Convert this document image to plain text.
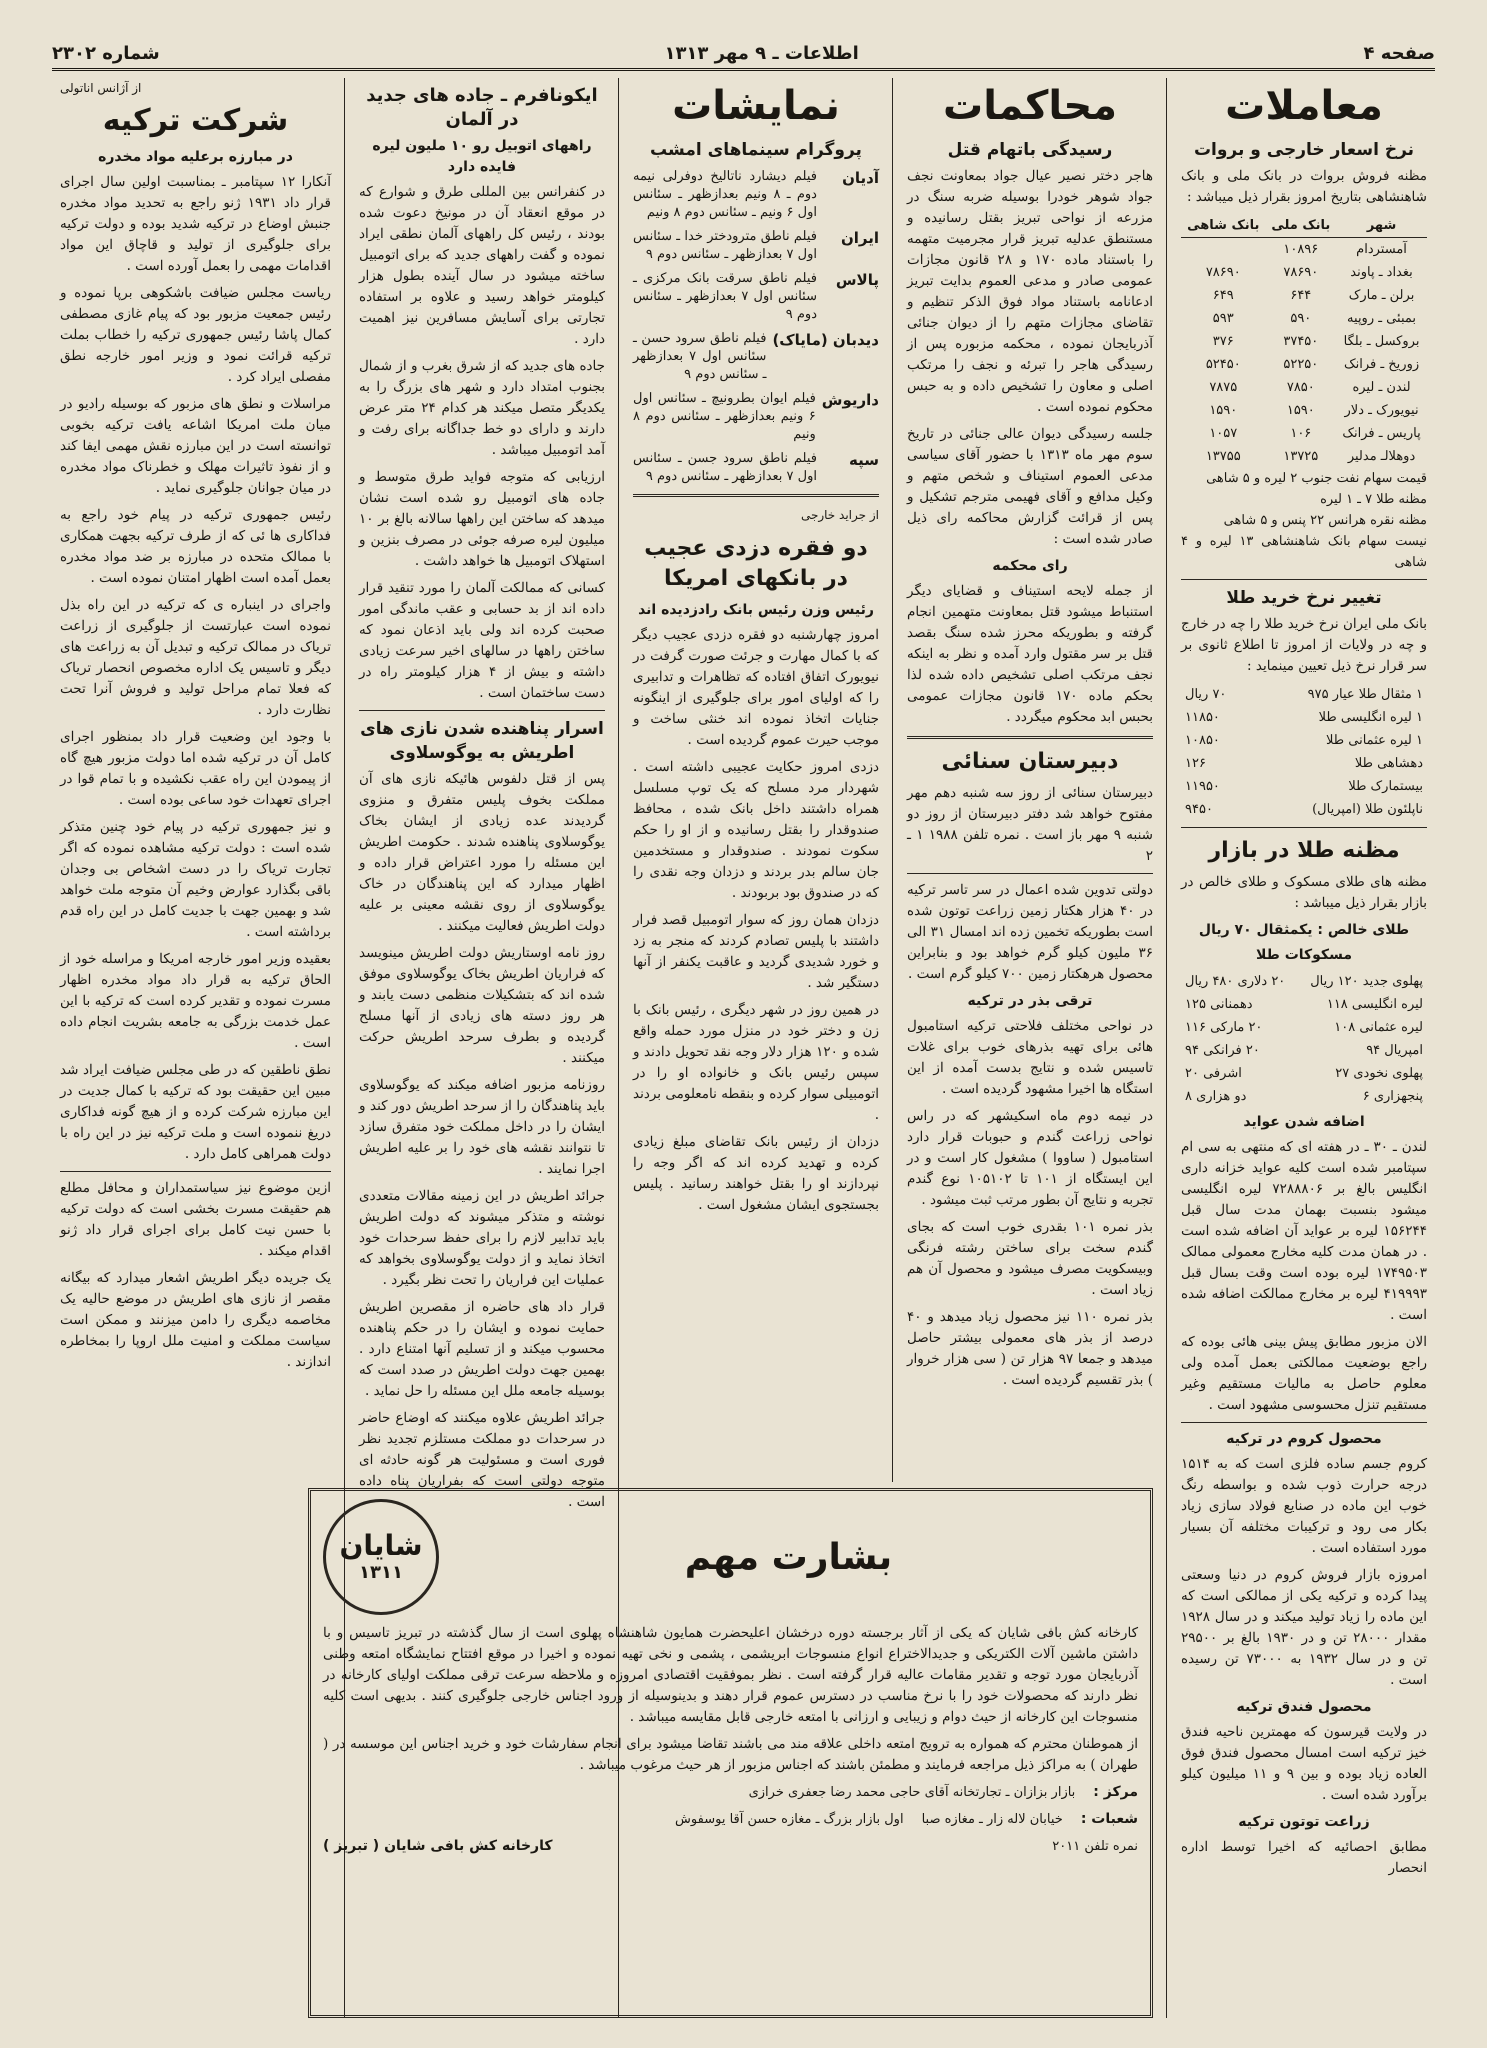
صفحه ۴
اطلاعات ـ ۹ مهر ۱۳۱۳
شماره ۲۳۰۲
معاملات
نرخ اسعار خارجی و بروات

مظنه فروش بروات در بانک ملی و بانک شاهنشاهی بتاریخ امروز بقرار ذیل میباشد :

شهر	بانک ملی	بانک شاهی
آمستردام	۱۰۸۹۶	
بغداد ـ پاوند	۷۸۶۹۰	۷۸۶۹۰
برلن ـ مارک	۶۴۴	۶۴۹
بمبئی ـ روپیه	۵۹۰	۵۹۳
بروکسل ـ بلگا	۳۷۴۵۰	۳۷۶
زوریخ ـ فرانک	۵۲۲۵۰	۵۲۴۵۰
لندن ـ لیره	۷۸۵۰	۷۸۷۵
نیویورک ـ دلار	۱۵۹۰	۱۵۹۰
پاریس ـ فرانک	۱۰۶	۱۰۵۷
دوهلالـ مدلیر	۱۳۷۲۵	۱۳۷۵۵
قیمت سهام نفت جنوب ۲ لیره و ۵ شاهی
مظنه طلا ۷ ـ ۱ لیره
مظنه نقره هرانس ۲۲ پنس و ۵ شاهی
نیست سهام بانک شاهنشاهی ۱۳ لیره و ۴ شاهی
تغییر نرخ خرید طلا

بانک ملی ایران نرخ خرید طلا را چه در خارج و چه در ولایات از امروز تا اطلاع ثانوی بر سر قرار نرخ ذیل تعیین مینماید :

۱ مثقال طلا عیار ۹۷۵	۷۰ ریال
۱ لیره انگلیسی طلا	۱۱۸۵۰
۱ لیره عثمانی طلا	۱۰۸۵۰
دهشاهی طلا	۱۲۶
بیستمارک طلا	۱۱۹۵۰
ناپلئون طلا (امپریال)	۹۴۵۰
مظنه طلا در بازار

مظنه های طلای مسکوک و طلای خالص در بازار بقرار ذیل میباشد :

طلای خالص : یکمثقال ۷۰ ریال
مسکوکات طلا
پهلوی جدید ۱۲۰ ریال	۲۰ دلاری ۴۸۰ ریال
لیره انگلیسی ۱۱۸	دهمنانی ۱۲۵
لیره عثمانی ۱۰۸	۲۰ مارکی ۱۱۶
امپریال ۹۴	۲۰ فرانکی ۹۴
پهلوی نخودی ۲۷	اشرفی ۲۰
پنجهزاری ۶	دو هزاری ۸
اضافه شدن عواید

لندن ـ ۳۰ ـ در هفته ای که منتهی به سی ام سپتامبر شده است کلیه عواید خزانه داری انگلیس بالغ بر ۷۲۸۸۸۰۶ لیره انگلیسی میشود بنسبت بهمان مدت سال قبل ۱۵۶۲۴۴ لیره بر عواید آن اضافه شده است . در همان مدت کلیه مخارج معمولی ممالک ۱۷۴۹۵۰۳ لیره بوده است وقت بسال قبل ۴۱۹۹۹۳ لیره بر مخارج ممالکت اضافه شده است .

الان مزبور مطابق پیش بینی هائی بوده که راجع بوضعیت ممالکتی بعمل آمده ولی معلوم حاصل به مالیات مستقیم وغیر مستقیم تنزل محسوسی مشهود است .

محصول کروم در ترکیه

کروم جسم ساده فلزی است که به ۱۵۱۴ درجه حرارت ذوب شده و بواسطه رنگ خوب این ماده در صنایع فولاد سازی زیاد بکار می رود و ترکیبات مختلفه آن بسیار مورد استفاده است .

امروزه بازار فروش کروم در دنیا وسعتی پیدا کرده و ترکیه یکی از ممالکی است که این ماده را زیاد تولید میکند و در سال ۱۹۲۸ مقدار ۲۸۰۰۰ تن و در ۱۹۳۰ بالغ بر ۲۹۵۰۰ تن و در سال ۱۹۳۲ به ۷۳۰۰۰ تن رسیده است .

محصول فندق ترکیه

در ولایت قیرسون که مهمترین ناحیه فندق خیز ترکیه است امسال محصول فندق فوق العاده زیاد بوده و بین ۹ و ۱۱ میلیون کیلو برآورد شده است .

زراعت توتون ترکیه

مطابق احصائیه که اخیرا توسط اداره انحصار

محاکمات
رسیدگی باتهام قتل

هاجر دختر نصیر عیال جواد بمعاونت نجف جواد شوهر خودرا بوسیله ضربه سنگ در مزرعه از نواحی تبریز بقتل رسانیده و مستنطق عدلیه تبریز قرار مجرمیت متهمه را باستناد ماده ۱۷۰ و ۲۸ قانون مجازات عمومی صادر و مدعی العموم بدایت تبریز ادعانامه باستناد مواد فوق الذکر تنظیم و تقاضای مجازات متهم را از دیوان جنائی آذربایجان نموده ، محکمه مزبوره پس از رسیدگی هاجر را تبرئه و نجف را مرتکب اصلی و معاون را تشخیص داده و به حبس محکوم نموده است .

جلسه رسیدگی دیوان عالی جنائی در تاریخ سوم مهر ماه ۱۳۱۳ با حضور آقای سیاسی مدعی العموم استیناف و شخص متهم و وکیل مدافع و آقای فهیمی مترجم تشکیل و پس از قرائت گزارش محاکمه رای ذیل صادر شده است :

رای محکمه

از جمله لایحه استیناف و قضایای دیگر استنباط میشود قتل بمعاونت متهمین انجام گرفته و بطوریکه محرز شده سنگ بقصد قتل بر سر مقتول وارد آمده و نظر به اینکه نجف مرتکب اصلی تشخیص داده شده لذا بحکم ماده ۱۷۰ قانون مجازات عمومی بحبس ابد محکوم میگردد .

دبیرستان سنائی

دبیرستان سنائی از روز سه شنبه دهم مهر مفتوح خواهد شد دفتر دبیرستان از روز دو شنبه ۹ مهر باز است . نمره تلفن ۱۹۸۸ ۱ ـ ۲

دولتی تدوین شده اعمال در سر تاسر ترکیه در ۴۰ هزار هکتار زمین زراعت توتون شده است بطوریکه تخمین زده اند امسال ۳۱ الی ۳۶ ملیون کیلو گرم خواهد بود و بنابراین محصول هرهکتار زمین ۷۰۰ کیلو گرم است .

ترقی بذر در ترکیه

در نواحی مختلف فلاحتی ترکیه استامبول هائی برای تهیه بذرهای خوب برای غلات تاسیس شده و نتایج بدست آمده از این استگاه ها اخیرا مشهود گردیده است .

در نیمه دوم ماه اسکیشهر که در راس نواحی زراعت گندم و حبوبات قرار دارد استامبول ( ساووا ) مشغول کار است و در این ایستگاه از ۱۰۱ تا ۱۰۵۱۰۲ نوع گندم تجربه و نتایج آن بطور مرتب ثبت میشود .

بذر نمره ۱۰۱ بقدری خوب است که بجای گندم سخت برای ساختن رشته فرنگی وبیسکویت مصرف میشود و محصول آن هم زیاد است .

بذر نمره ۱۱۰ نیز محصول زیاد میدهد و ۴۰ درصد از بذر های معمولی بیشتر حاصل میدهد و جمعا ۹۷ هزار تن ( سی هزار خروار ) بذر تقسیم گردیده است .

نمایشات
پروگرام سینماهای امشب
آدیان
فیلم دیشارد ناتالیخ دوفرلی نیمه دوم ـ ۸ ونیم بعدازظهر ـ سئانس اول ۶ ونیم ـ سئانس دوم ۸ ونیم
ایران
فیلم ناطق مترودختر خدا ـ سئانس اول ۷ بعدازظهر ـ سئانس دوم ۹
پالاس
فیلم ناطق سرقت بانک مرکزی ـ سئانس اول ۷ بعدازظهر ـ سئانس دوم ۹
دیدبان (مایاک)
فیلم ناطق سرود حسن ـ سئانس اول ۷ بعدازظهر ـ سئانس دوم ۹
داریوش
فیلم ایوان بطرونیچ ـ سئانس اول ۶ ونیم بعدازظهر ـ سئانس دوم ۸ ونیم
سپه
فیلم ناطق سرود جسن ـ سئانس اول ۷ بعدازظهر ـ سئانس دوم ۹
از جراید خارجی
دو فقره دزدی عجیب در بانکهای امریکا
رئیس وزن رئیس بانک رادزدیده اند

امروز چهارشنبه دو فقره دزدی عجیب دیگر که با کمال مهارت و جرئت صورت گرفت در نیویورک اتفاق افتاده که تظاهرات و تدابیری را که اولیای امور برای جلوگیری از اینگونه جنایات اتخاذ نموده اند خنثی ساخت و موجب حیرت عموم گردیده است .

دزدی امروز حکایت عجیبی داشته است . شهردار مرد مسلح که یک توپ مسلسل همراه داشتند داخل بانک شده ، محافظ صندوقدار را بقتل رسانیده و از او را حکم سکوت نمودند . صندوقدار و مستخدمین جان سالم بدر بردند و دزدان وجه نقدی را که در صندوق بود بربودند .

دزدان همان روز که سوار اتومبیل قصد فرار داشتند با پلیس تصادم کردند که منجر به زد و خورد شدیدی گردید و عاقبت یکنفر از آنها دستگیر شد .

در همین روز در شهر دیگری ، رئیس بانک با زن و دختر خود در منزل مورد حمله واقع شده و ۱۲۰ هزار دلار وجه نقد تحویل دادند و سپس رئیس بانک و خانواده او را در اتومبیلی سوار کرده و بنقطه نامعلومی بردند .

دزدان از رئیس بانک تقاضای مبلغ زیادی کرده و تهدید کرده اند که اگر وجه را نپردازند او را بقتل خواهند رسانید . پلیس بجستجوی ایشان مشغول است .

ایکونافرم ـ جاده های جدید در آلمان
راههای اتوبیل رو ۱۰ ملیون لیره فایده دارد

در کنفرانس بین المللی طرق و شوارع که در موقع انعقاد آن در مونیخ دعوت شده بودند ، رئیس کل راههای آلمان نطقی ایراد نموده و گفت راههای جدید که برای اتومبیل ساخته میشود در سال آینده بطول هزار کیلومتر خواهد رسید و علاوه بر استفاده تجارتی برای آسایش مسافرین نیز اهمیت دارد .

جاده های جدید که از شرق بغرب و از شمال بجنوب امتداد دارد و شهر های بزرگ را به یکدیگر متصل میکند هر کدام ۲۴ متر عرض دارند و دارای دو خط جداگانه برای رفت و آمد اتومبیل میباشد .

ارزیابی که متوجه فواید طرق متوسط و جاده های اتومبیل رو شده است نشان میدهد که ساختن این راهها سالانه بالغ بر ۱۰ میلیون لیره صرفه جوئی در مصرف بنزین و استهلاک اتومبیل ها خواهد داشت .

کسانی که ممالکت آلمان را مورد تنقید قرار داده اند از بد حسابی و عقب ماندگی امور صحبت کرده اند ولی باید اذعان نمود که ساختن راهها در سالهای اخیر سرعت زیادی داشته و بیش از ۴ هزار کیلومتر راه در دست ساختمان است .

اسرار پناهنده شدن نازی های اطریش به یوگوسلاوی

پس از قتل دلفوس هائیکه نازی های آن مملکت بخوف پلیس متفرق و منزوی گردیدند عده زیادی از ایشان بخاک یوگوسلاوی پناهنده شدند . حکومت اطریش این مسئله را مورد اعتراض قرار داده و اظهار میدارد که این پناهندگان در خاک یوگوسلاوی از روی نقشه معینی بر علیه دولت اطریش فعالیت میکنند .

روز نامه اوستاریش دولت اطریش مینویسد که فراریان اطریش بخاک یوگوسلاوی موفق شده اند که بتشکیلات منظمی دست یابند و هر روز دسته های زیادی از آنها مسلح گردیده و بطرف سرحد اطریش حرکت میکنند .

روزنامه مزبور اضافه میکند که یوگوسلاوی باید پناهندگان را از سرحد اطریش دور کند و ایشان را در داخل مملکت خود متفرق سازد تا نتوانند نقشه های خود را بر علیه اطریش اجرا نمایند .

جرائد اطریش در این زمینه مقالات متعددی نوشته و متذکر میشوند که دولت اطریش باید تدابیر لازم را برای حفظ سرحدات خود اتخاذ نماید و از دولت یوگوسلاوی بخواهد که عملیات این فراریان را تحت نظر بگیرد .

قرار داد های حاضره از مقصرین اطریش حمایت نموده و ایشان را در حکم پناهنده محسوب میکند و از تسلیم آنها امتناع دارد . بهمین جهت دولت اطریش در صدد است که بوسیله جامعه ملل این مسئله را حل نماید .

جرائد اطریش علاوه میکنند که اوضاع حاضر در سرحدات دو مملکت مستلزم تجدید نظر فوری است و مسئولیت هر گونه حادثه ای متوجه دولتی است که بفراریان پناه داده است .

از آژانس اناتولی
شرکت ترکیه
در مبارزه برعلیه مواد مخدره

آنکارا ۱۲ سپتامبر ـ بمناسبت اولین سال اجرای قرار داد ۱۹۳۱ ژنو راجع به تحدید مواد مخدره جنبش اوضاع در ترکیه شدید بوده و دولت ترکیه برای جلوگیری از تولید و قاچاق این مواد اقدامات مهمی را بعمل آورده است .

ریاست مجلس ضیافت باشکوهی برپا نموده و رئیس جمعیت مزبور بود که پیام غازی مصطفی کمال پاشا رئیس جمهوری ترکیه را خطاب بملت ترکیه قرائت نمود و وزیر امور خارجه نطق مفصلی ایراد کرد .

مراسلات و نطق های مزبور که بوسیله رادیو در میان ملت امریکا اشاعه یافت ترکیه بخوبی توانسته است در این مبارزه نقش مهمی ایفا کند و از نفوذ تاثیرات مهلک و خطرناک مواد مخدره در میان جوانان جلوگیری نماید .

رئیس جمهوری ترکیه در پیام خود راجع به فداکاری ها ئی که از طرف ترکیه بجهت همکاری با ممالک متحده در مبارزه بر ضد مواد مخدره بعمل آمده است اظهار امتنان نموده است .

واجرای در اینباره ی که ترکیه در این راه بذل نموده است عبارتست از جلوگیری از زراعت تریاک در ممالک ترکیه و تبدیل آن به زراعت های دیگر و تاسیس یک اداره مخصوص انحصار تریاک که فعلا تمام مراحل تولید و فروش آنرا تحت نظارت دارد .

با وجود این وضعیت قرار داد بمنظور اجرای کامل آن در ترکیه شده اما دولت مزبور هیچ گاه از پیمودن این راه عقب نکشیده و با تمام قوا در اجرای تعهدات خود ساعی بوده است .

و نیز جمهوری ترکیه در پیام خود چنین متذکر شده است : دولت ترکیه مشاهده نموده که اگر تجارت تریاک را در دست اشخاص بی وجدان باقی بگذارد عوارض وخیم آن متوجه ملت خواهد شد و بهمین جهت با جدیت کامل در این راه قدم برداشته است .

بعقیده وزیر امور خارجه امریکا و مراسله خود از الحاق ترکیه به قرار داد مواد مخدره اظهار مسرت نموده و تقدیر کرده است که ترکیه با این عمل خدمت بزرگی به جامعه بشریت انجام داده است .

نطق ناطقین که در طی مجلس ضیافت ایراد شد مبین این حقیقت بود که ترکیه با کمال جدیت در این مبارزه شرکت کرده و از هیچ گونه فداکاری دریغ ننموده است و ملت ترکیه نیز در این راه با دولت همراهی کامل دارد .

ازین موضوع نیز سیاستمداران و محافل مطلع هم حقیقت مسرت بخشی است که دولت ترکیه با حسن نیت کامل برای اجرای قرار داد ژنو اقدام میکند .

یک جریده دیگر اطریش اشعار میدارد که بیگانه مقصر از نازی های اطریش در موضع حالیه یک مخاصمه دیگری را دامن میزنند و ممکن است سیاست مملکت و امنیت ملل اروپا را بمخاطره اندازند .

بشارت مهم
شایان
۱۳۱۱

کارخانه کش بافی شایان که یکی از آثار برجسته دوره درخشان اعلیحضرت همایون شاهنشاه پهلوی است از سال گذشته در تبریز تاسیس و با داشتن ماشین آلات الکتریکی و جدیدالاختراع انواع منسوجات ابریشمی ، پشمی و نخی تهیه نموده و اخیرا در موقع افتتاح نمایشگاه امتعه وطنی آذربایجان مورد توجه و تقدیر مقامات عالیه قرار گرفته است . نظر بموفقیت اقتصادی امروزه و ملاحظه سرعت ترقی مملکت اولیای کارخانه در نظر دارند که محصولات خود را با نرخ مناسب در دسترس عموم قرار دهند و بدینوسیله از ورود اجناس خارجی جلوگیری کنند . بدیهی است کلیه منسوجات این کارخانه از حیث دوام و زیبایی و ارزانی با امتعه خارجی قابل مقایسه میباشد .

از هموطنان محترم که همواره به ترویج امتعه داخلی علاقه مند می باشند تقاضا میشود برای انجام سفارشات خود و خرید اجناس این موسسه در ( طهران ) به مراکز ذیل مراجعه فرمایند و مطمئن باشند که اجناس مزبور از هر حیث مرغوب میباشد .

مرکز :
بازار بزازان ـ تجارتخانه آقای حاجی محمد رضا جعفری خرازی
شعبات :
خیابان لاله زار ـ مغازه صبا
اول بازار بزرگ ـ مغازه حسن آقا یوسفوش
نمره تلفن ۲۰۱۱
کارخانه کش بافی شایان ( تبریز )
